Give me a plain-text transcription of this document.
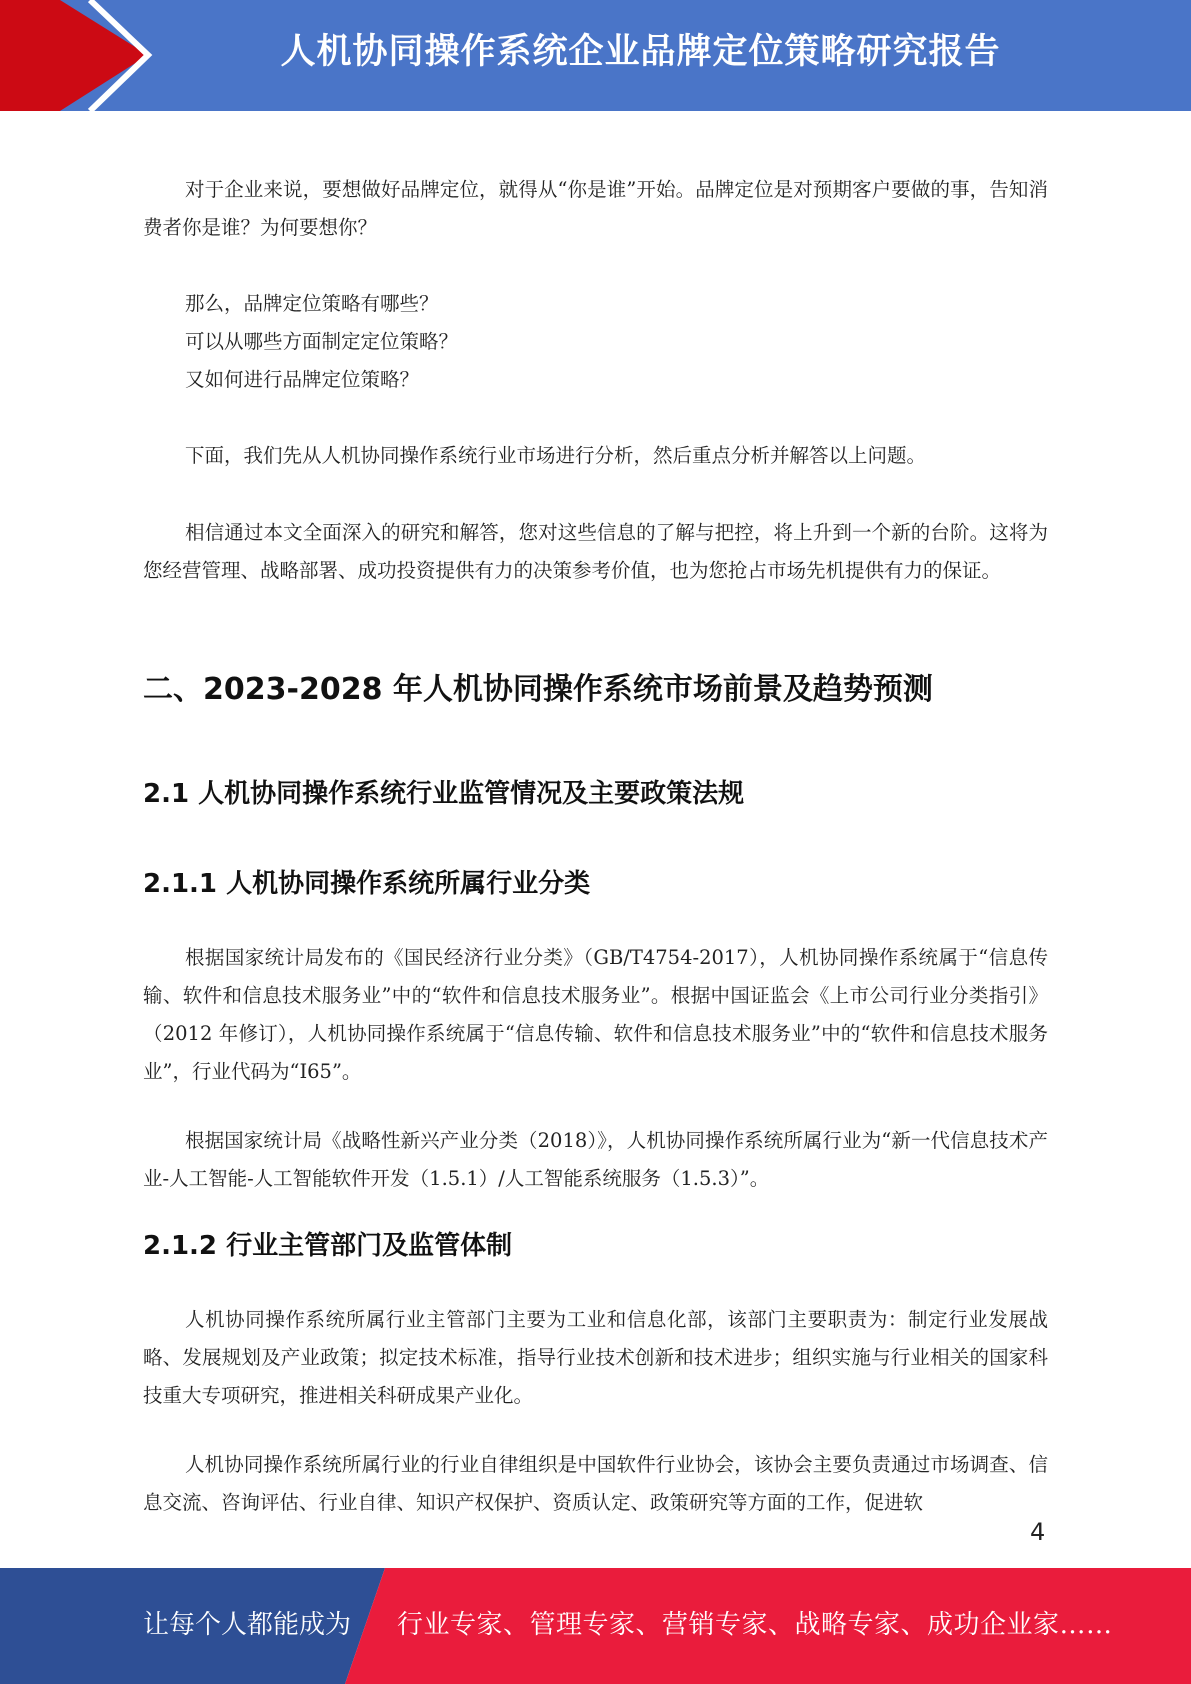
人机协同操作系统企业品牌定位策略研究报告

对于企业来说，要想做好品牌定位，就得从“你是谁”开始。品牌定位是对预期客户要做的事，告知消费者你是谁？为何要想你？

那么，品牌定位策略有哪些？

可以从哪些方面制定定位策略？

又如何进行品牌定位策略？

下面，我们先从人机协同操作系统行业市场进行分析，然后重点分析并解答以上问题。

相信通过本文全面深入的研究和解答，您对这些信息的了解与把控，将上升到一个新的台阶。这将为您经营管理、战略部署、成功投资提供有力的决策参考价值，也为您抢占市场先机提供有力的保证。

二、2023-2028 年人机协同操作系统市场前景及趋势预测
2.1 人机协同操作系统行业监管情况及主要政策法规
2.1.1 人机协同操作系统所属行业分类

根据国家统计局发布的《国民经济行业分类》（GB/T4754-2017），人机协同操作系统属于“信息传输、软件和信息技术服务业”中的“软件和信息技术服务业”。根据中国证监会《上市公司行业分类指引》（2012 年修订），人机协同操作系统属于“信息传输、软件和信息技术服务业”中的“软件和信息技术服务业”，行业代码为“I65”。

根据国家统计局《战略性新兴产业分类（2018）》，人机协同操作系统所属行业为“新一代信息技术产业-人工智能-人工智能软件开发（1.5.1）/人工智能系统服务（1.5.3）”。

2.1.2 行业主管部门及监管体制

人机协同操作系统所属行业主管部门主要为工业和信息化部，该部门主要职责为：制定行业发展战略、发展规划及产业政策；拟定技术标准，指导行业技术创新和技术进步；组织实施与行业相关的国家科技重大专项研究，推进相关科研成果产业化。

人机协同操作系统所属行业的行业自律组织是中国软件行业协会，该协会主要负责通过市场调查、信息交流、咨询评估、行业自律、知识产权保护、资质认定、政策研究等方面的工作，促进软

4
让每个人都能成为 行业专家、管理专家、营销专家、战略专家、成功企业家……
